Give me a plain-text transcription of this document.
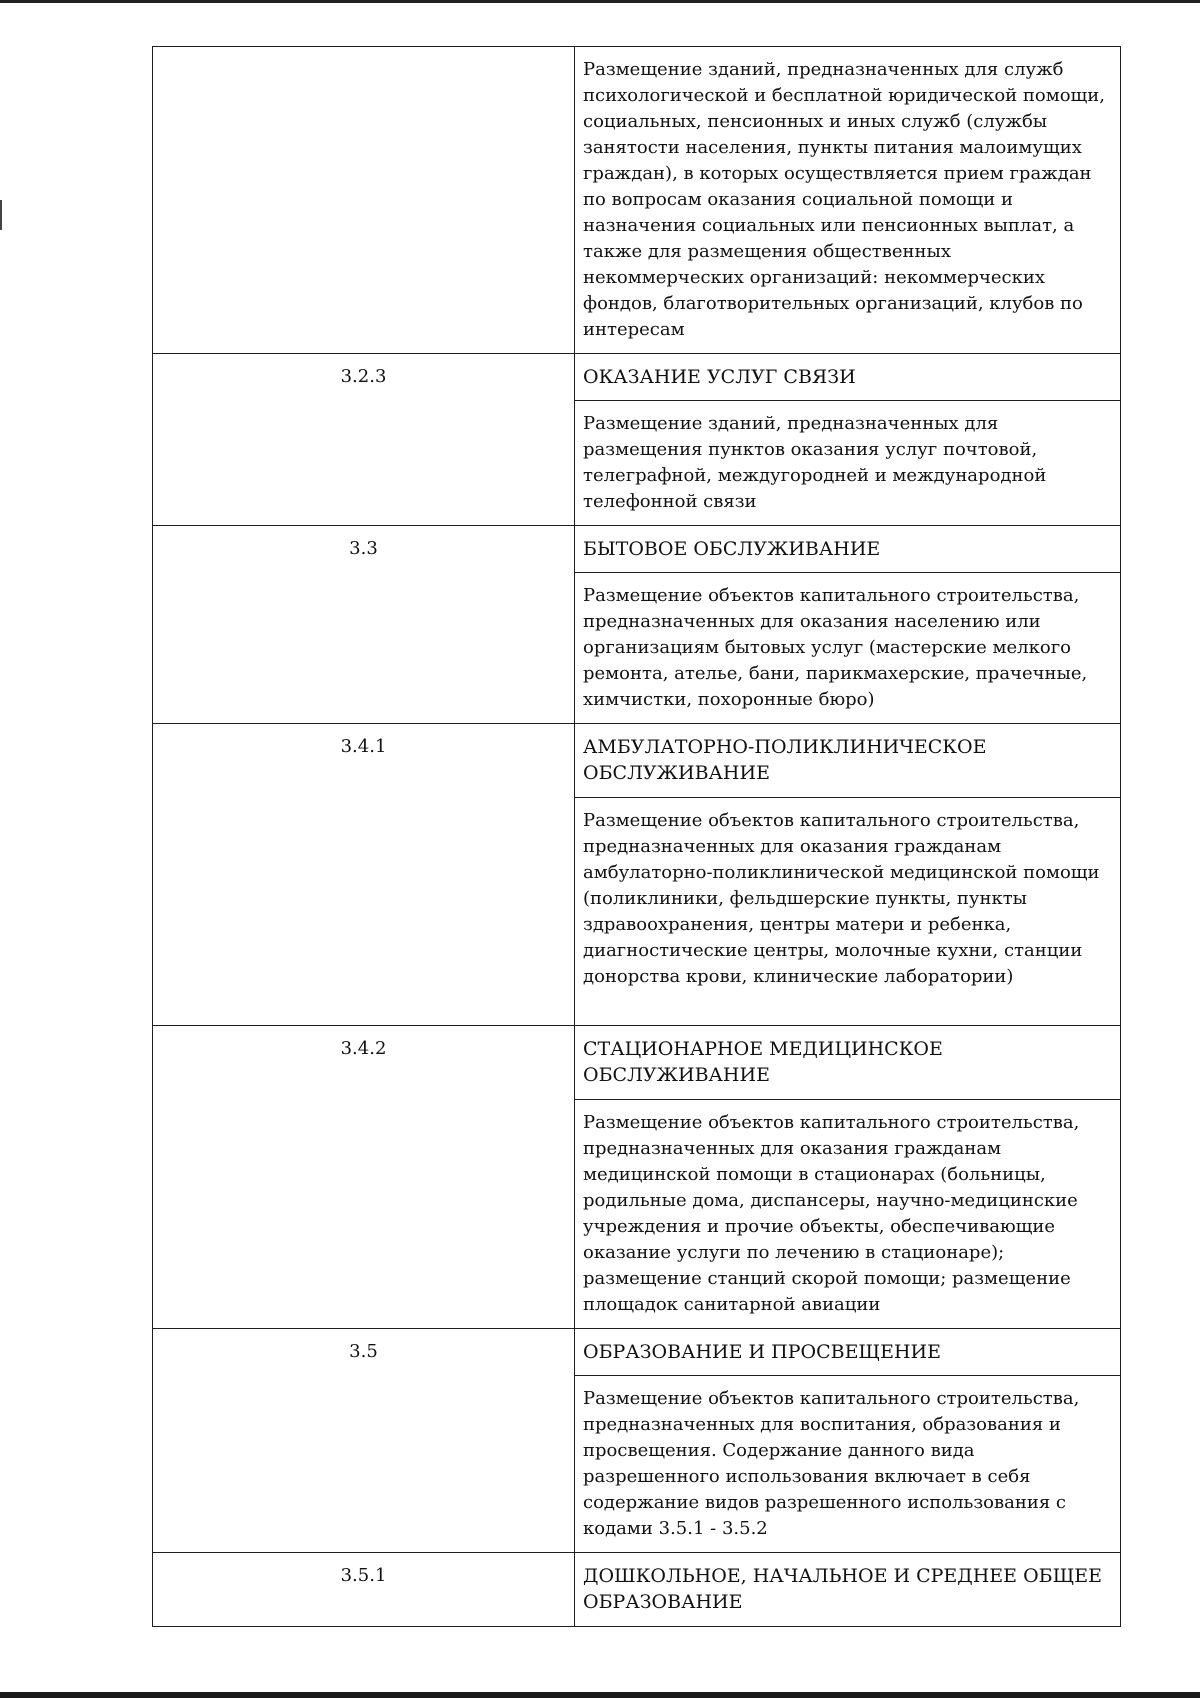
	Размещение зданий, предназначенных для служб психологической и бесплатной юридической помощи, социальных, пенсионных и иных служб (службы занятости населения, пункты питания малоимущих граждан), в которых осуществляется прием граждан по вопросам оказания социальной помощи и назначения социальных или пенсионных выплат, а также для размещения общественных некоммерческих организаций: некоммерческих фондов, благотворительных организаций, клубов по интересам
3.2.3	ОКАЗАНИЕ УСЛУГ СВЯЗИ
	Размещение зданий, предназначенных для размещения пунктов оказания услуг почтовой, телеграфной, междугородней и международной телефонной связи
3.3	БЫТОВОЕ ОБСЛУЖИВАНИЕ
	Размещение объектов капитального строительства, предназначенных для оказания населению или организациям бытовых услуг (мастерские мелкого ремонта, ателье, бани, парикмахерские, прачечные, химчистки, похоронные бюро)
3.4.1	АМБУЛАТОРНО-ПОЛИКЛИНИЧЕСКОЕ ОБСЛУЖИВАНИЕ
	Размещение объектов капитального строительства, предназначенных для оказания гражданам амбулаторно-поликлинической медицинской помощи (поликлиники, фельдшерские пункты, пункты здравоохранения, центры матери и ребенка, диагностические центры, молочные кухни, станции донорства крови, клинические лаборатории)
3.4.2	СТАЦИОНАРНОЕ МЕДИЦИНСКОЕ ОБСЛУЖИВАНИЕ
	Размещение объектов капитального строительства, предназначенных для оказания гражданам медицинской помощи в стационарах (больницы, родильные дома, диспансеры, научно-медицинские учреждения и прочие объекты, обеспечивающие оказание услуги по лечению в стационаре); размещение станций скорой помощи; размещение площадок санитарной авиации
3.5	ОБРАЗОВАНИЕ И ПРОСВЕЩЕНИЕ
	Размещение объектов капитального строительства, предназначенных для воспитания, образования и просвещения. Содержание данного вида разрешенного использования включает в себя содержание видов разрешенного использования с кодами 3.5.1 - 3.5.2
3.5.1	ДОШКОЛЬНОЕ, НАЧАЛЬНОЕ И СРЕДНЕЕ ОБЩЕЕ ОБРАЗОВАНИЕ
